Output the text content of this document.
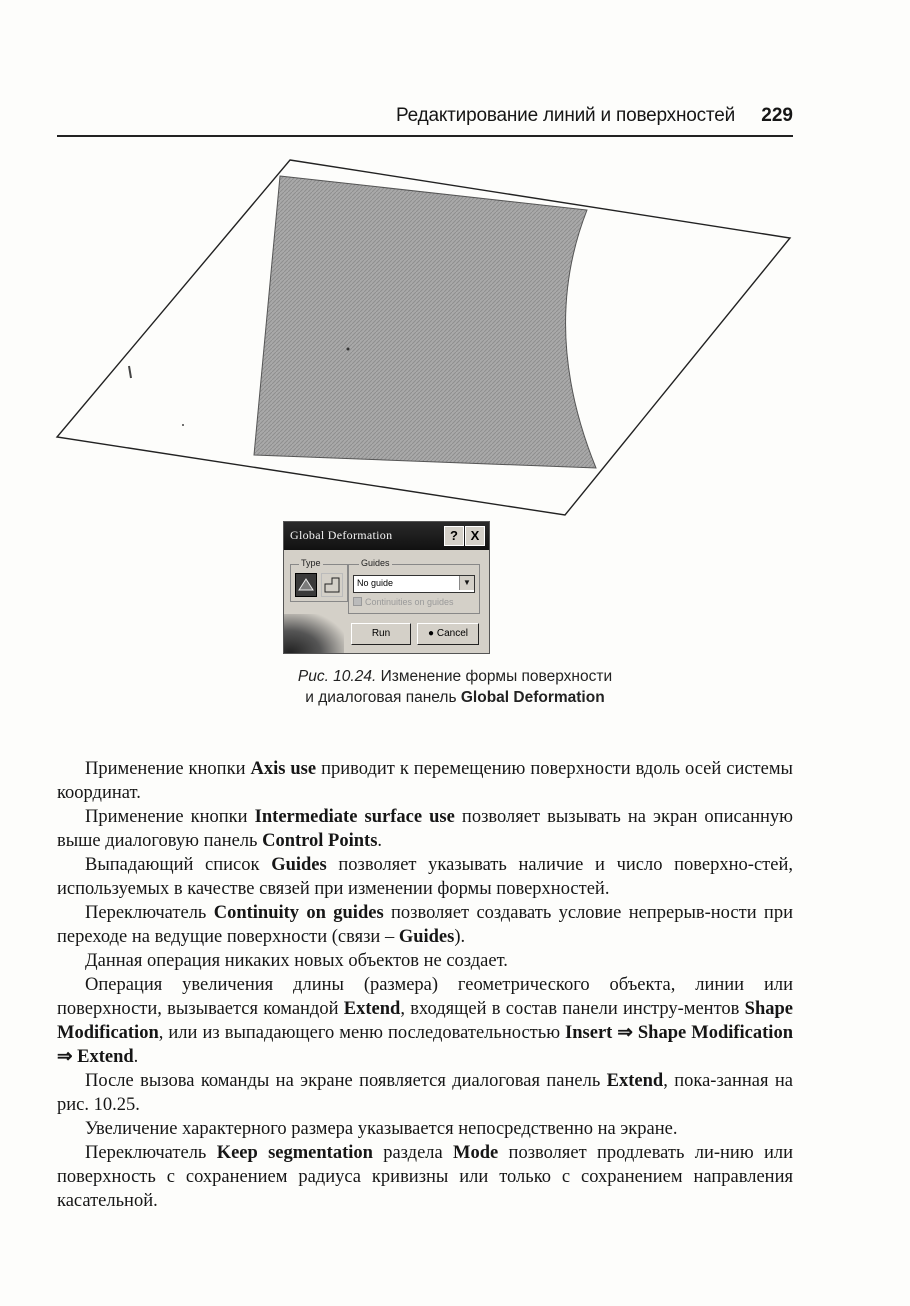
Редактирование линий и поверхностей 229
Global Deformation	? X
Type	Guides
No guide	▼
Continuities on guides
Run	● Cancel
Рис. 10.24. Изменение формы поверхности
и диалоговая панель Global Deformation

Применение кнопки Axis use приводит к перемещению поверхности вдоль осей системы координат.

Применение кнопки Intermediate surface use позволяет вызывать на экран описанную выше диалоговую панель Control Points.

Выпадающий список Guides позволяет указывать наличие и число поверхно-стей, используемых в качестве связей при изменении формы поверхностей.

Переключатель Continuity on guides позволяет создавать условие непрерыв-ности при переходе на ведущие поверхности (связи – Guides).

Данная операция никаких новых объектов не создает.

Операция увеличения длины (размера) геометрического объекта, линии или поверхности, вызывается командой Extend, входящей в состав панели инстру-ментов Shape Modification, или из выпадающего меню последовательностью Insert ⇒ Shape Modification ⇒ Extend.

После вызова команды на экране появляется диалоговая панель Extend, пока-занная на рис. 10.25.

Увеличение характерного размера указывается непосредственно на экране.

Переключатель Keep segmentation раздела Mode позволяет продлевать ли-нию или поверхность с сохранением радиуса кривизны или только с сохранением направления касательной.
